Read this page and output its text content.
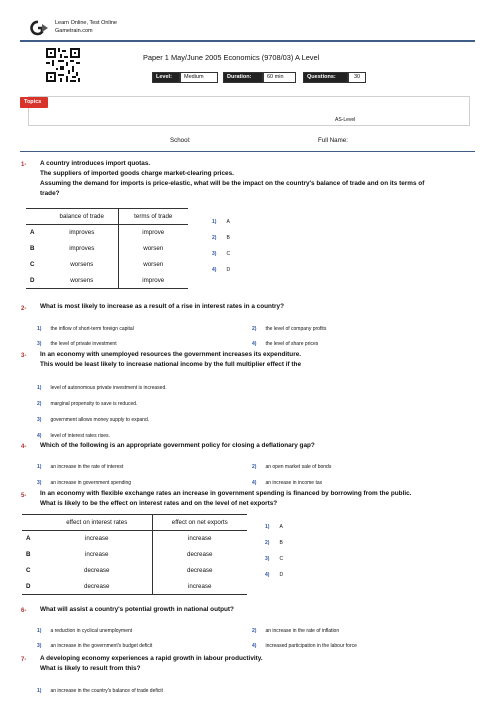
Learn Online, Test Online
Gametrain.com
Paper 1 May/June 2005 Economics (9708/03) A Level
Level:	Medium	Duration:	60 min	Questions:	30
Topics
AS-Level
School:	Full Name:
1- A country introduces import quotas.
The suppliers of imported goods charge market-clearing prices.
Assuming the demand for imports is price-elastic, what will be the impact on the country's balance of trade and on its terms of
trade?
	balance of trade	terms of trade
A	improves	improve
B	improves	worsen
C	worsens	worsen
D	worsens	improve
1) A
2) B
3) C
4) D
2- What is most likely to increase as a result of a rise in interest rates in a country?
1) the inflow of short-term foreign capital	2) the level of company profits
3) the level of private investment	4) the level of share prices
3- In an economy with unemployed resources the government increases its expenditure.
This would be least likely to increase national income by the full multiplier effect if the
1) level of autonomous private investment is increased.
2) marginal propensity to save is reduced.
3) government allows money supply to expand.
4) level of interest rates rises.
4- Which of the following is an appropriate government policy for closing a deflationary gap?
1) an increase in the rate of interest	2) an open market sale of bonds
3) an increase in government spending	4) an increase in income tax
5- In an economy with flexible exchange rates an increase in government spending is financed by borrowing from the public.
What is likely to be the effect on interest rates and on the level of net exports?
	effect on interest rates	effect on net exports
A	increase	increase
B	increase	decrease
C	decrease	decrease
D	decrease	increase
1) A
2) B
3) C
4) D
6- What will assist a country's potential growth in national output?
1) a reduction in cyclical unemployment	2) an increase in the rate of inflation
3) an increase in the government's budget deficit	4) increased participation in the labour force
7- A developing economy experiences a rapid growth in labour productivity.
What is likely to result from this?
1) an increase in the country's balance of trade deficit
